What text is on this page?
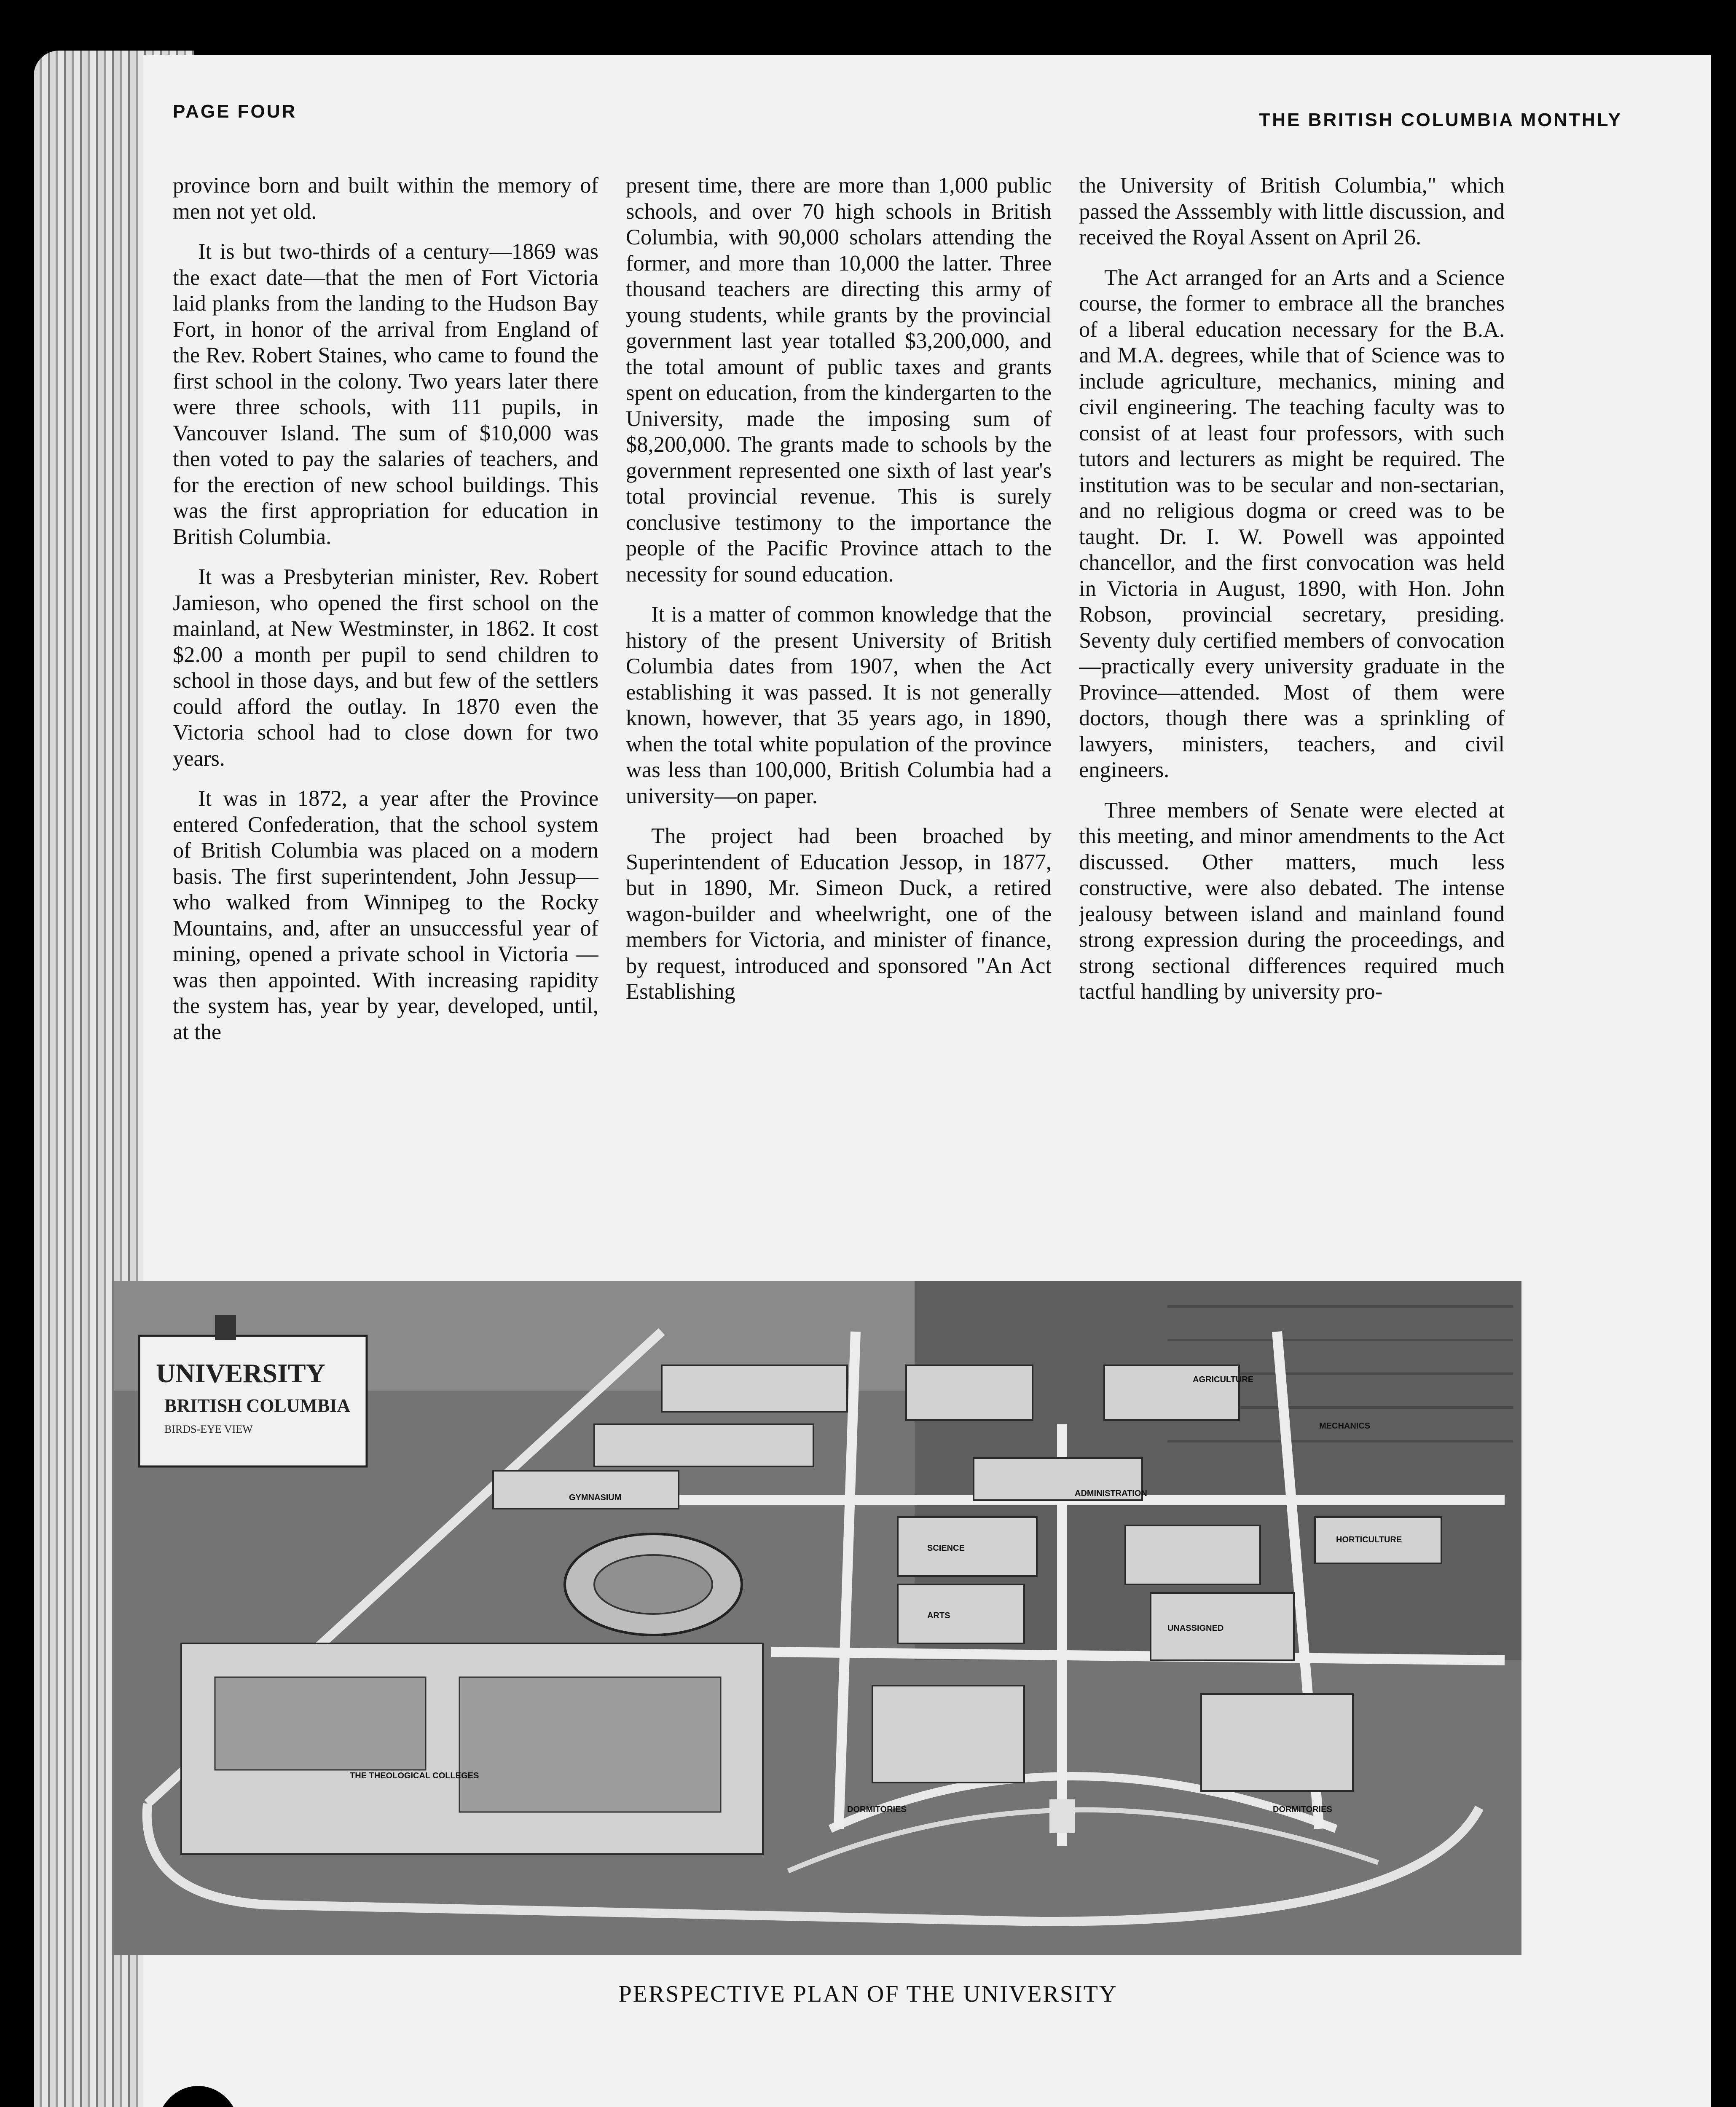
PAGE FOUR	THE BRITISH COLUMBIA MONTHLY

province born and built within the memory of men not yet old.

It is but two-thirds of a century—1869 was the exact date—that the men of Fort Victoria laid planks from the landing to the Hudson Bay Fort, in honor of the arrival from England of the Rev. Robert Staines, who came to found the first school in the colony. Two years later there were three schools, with 111 pupils, in Vancouver Island. The sum of $10,000 was then voted to pay the salaries of teachers, and for the erection of new school buildings. This was the first appropriation for education in British Columbia.

It was a Presbyterian minister, Rev. Robert Jamieson, who opened the first school on the mainland, at New Westminster, in 1862. It cost $2.00 a month per pupil to send children to school in those days, and but few of the settlers could afford the outlay. In 1870 even the Victoria school had to close down for two years.

It was in 1872, a year after the Province entered Confederation, that the school system of British Columbia was placed on a modern basis. The first superintendent, John Jessup—who walked from Winnipeg to the Rocky Mountains, and, after an unsuccessful year of mining, opened a private school in Victoria —was then appointed. With increasing rapidity the system has, year by year, developed, until, at the

present time, there are more than 1,000 public schools, and over 70 high schools in British Columbia, with 90,000 scholars attending the former, and more than 10,000 the latter. Three thousand teachers are directing this army of young students, while grants by the provincial government last year totalled $3,200,000, and the total amount of public taxes and grants spent on education, from the kindergarten to the University, made the imposing sum of $8,200,000. The grants made to schools by the government represented one sixth of last year's total provincial revenue. This is surely conclusive testimony to the importance the people of the Pacific Province attach to the necessity for sound education.

It is a matter of common knowledge that the history of the present University of British Columbia dates from 1907, when the Act establishing it was passed. It is not generally known, however, that 35 years ago, in 1890, when the total white population of the province was less than 100,000, British Columbia had a university—on paper.

The project had been broached by Superintendent of Education Jessop, in 1877, but in 1890, Mr. Simeon Duck, a retired wagon-builder and wheelwright, one of the members for Victoria, and minister of finance, by request, introduced and sponsored "An Act Establishing

the University of British Columbia," which passed the Asssembly with little discussion, and received the Royal Assent on April 26.

The Act arranged for an Arts and a Science course, the former to embrace all the branches of a liberal education necessary for the B.A. and M.A. degrees, while that of Science was to include agriculture, mechanics, mining and civil engineering. The teaching faculty was to consist of at least four professors, with such tutors and lecturers as might be required. The institution was to be secular and non-sectarian, and no religious dogma or creed was to be taught. Dr. I. W. Powell was appointed chancellor, and the first convocation was held in Victoria in August, 1890, with Hon. John Robson, provincial secretary, presiding. Seventy duly certified members of convocation—practically every university graduate in the Province—attended. Most of them were doctors, though there was a sprinkling of lawyers, ministers, teachers, and civil engineers.

Three members of Senate were elected at this meeting, and minor amendments to the Act discussed. Other matters, much less constructive, were also debated. The intense jealousy between island and mainland found strong expression during the proceedings, and strong sectional differences required much tactful handling by university pro-

UNIVERSITY
BRITISH COLUMBIA
BIRDS-EYE VIEW
AGRICULTURE
MECHANICS
SCIENCE
ADMINISTRATION
HORTICULTURE
ARTS
UNASSIGNED
DORMITORIES	DORMITORIES
THE THEOLOGICAL COLLEGES
GYMNASIUM
PERSPECTIVE PLAN OF THE UNIVERSITY
